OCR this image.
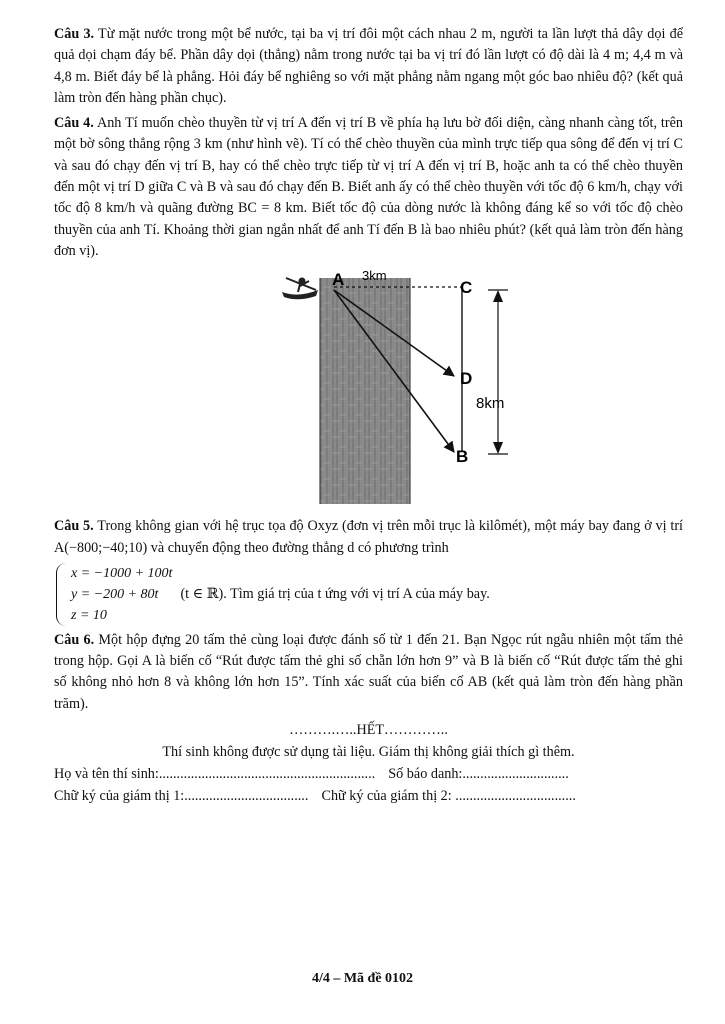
Câu 3. Từ mặt nước trong một bể nước, tại ba vị trí đôi một cách nhau 2 m, người ta lần lượt thả dây dọi để quả dọi chạm đáy bể. Phần dây dọi (thẳng) nằm trong nước tại ba vị trí đó lần lượt có độ dài là 4 m; 4,4 m và 4,8 m. Biết đáy bể là phẳng. Hỏi đáy bể nghiêng so với mặt phẳng nằm ngang một góc bao nhiêu độ? (kết quả làm tròn đến hàng phần chục).

Câu 4. Anh Tí muốn chèo thuyền từ vị trí A đến vị trí B về phía hạ lưu bờ đối diện, càng nhanh càng tốt, trên một bờ sông thẳng rộng 3 km (như hình vẽ). Tí có thể chèo thuyền của mình trực tiếp qua sông để đến vị trí C và sau đó chạy đến vị trí B, hay có thể chèo trực tiếp từ vị trí A đến vị trí B, hoặc anh ta có thể chèo thuyền đến một vị trí D giữa C và B và sau đó chạy đến B. Biết anh ấy có thể chèo thuyền với tốc độ 6 km/h, chạy với tốc độ 8 km/h và quãng đường BC = 8 km. Biết tốc độ của dòng nước là không đáng kể so với tốc độ chèo thuyền của anh Tí. Khoảng thời gian ngắn nhất để anh Tí đến B là bao nhiêu phút? (kết quả làm tròn đến hàng đơn vị).

A 3km
C
D
8km
B

Câu 5. Trong không gian với hệ trục tọa độ Oxyz (đơn vị trên mỗi trục là kilômét), một máy bay đang ở vị trí A(−800;−40;10) và chuyển động theo đường thẳng d có phương trình

x = −1000 + 100t
y = −200 + 80t
z = 10
(t ∈ ℝ). Tìm giá trị của t ứng với vị trí A của máy bay.

Câu 6. Một hộp đựng 20 tấm thẻ cùng loại được đánh số từ 1 đến 21. Bạn Ngọc rút ngẫu nhiên một tấm thẻ trong hộp. Gọi A là biến cố “Rút được tấm thẻ ghi số chẵn lớn hơn 9” và B là biến cố “Rút được tấm thẻ ghi số không nhỏ hơn 8 và không lớn hơn 15”. Tính xác suất của biến cố AB (kết quả làm tròn đến hàng phần trăm).

……….…..HẾT…………..
Thí sinh không được sử dụng tài liệu. Giám thị không giải thích gì thêm.
Họ và tên thí sinh:............................................................. Số báo danh:..............................
Chữ ký của giám thị 1:................................... Chữ ký của giám thị 2: ..................................
4/4 – Mã đề 0102
